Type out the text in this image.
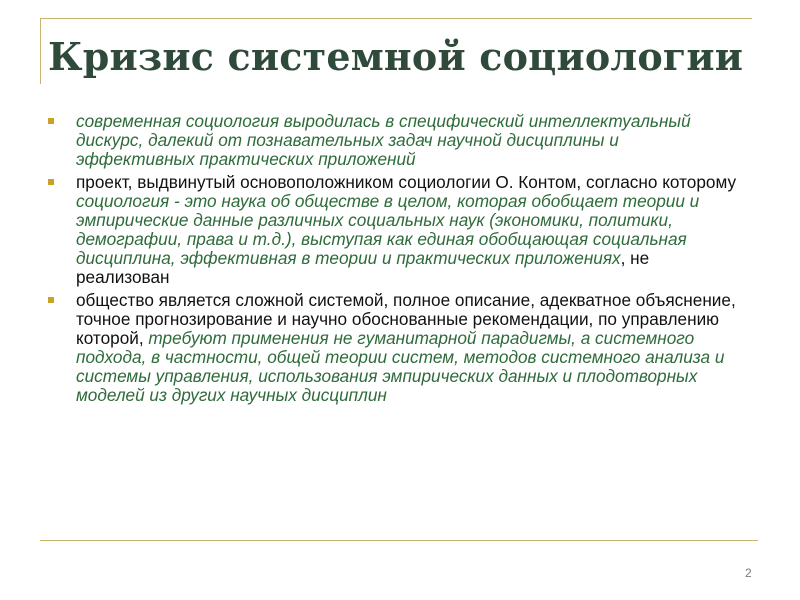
Кризис системной социологии
современная социология выродилась в специфический интеллектуальный дискурс, далекий от познавательных задач научной дисциплины и эффективных практических приложений
проект, выдвинутый основоположником социологии О. Контом, согласно которому социология - это наука об обществе в целом, которая обобщает теории и эмпирические данные различных социальных наук (экономики, политики, демографии, права и т.д.), выступая как единая обобщающая социальная дисциплина, эффективная в теории и практических приложениях, не реализован
общество является сложной системой, полное описание, адекватное объяснение, точное прогнозирование и научно обоснованные рекомендации, по управлению которой, требуют применения не гуманитарной парадигмы, а системного подхода, в частности, общей теории систем, методов системного анализа и системы управления, использования эмпирических данных и плодотворных моделей из других научных дисциплин
2
